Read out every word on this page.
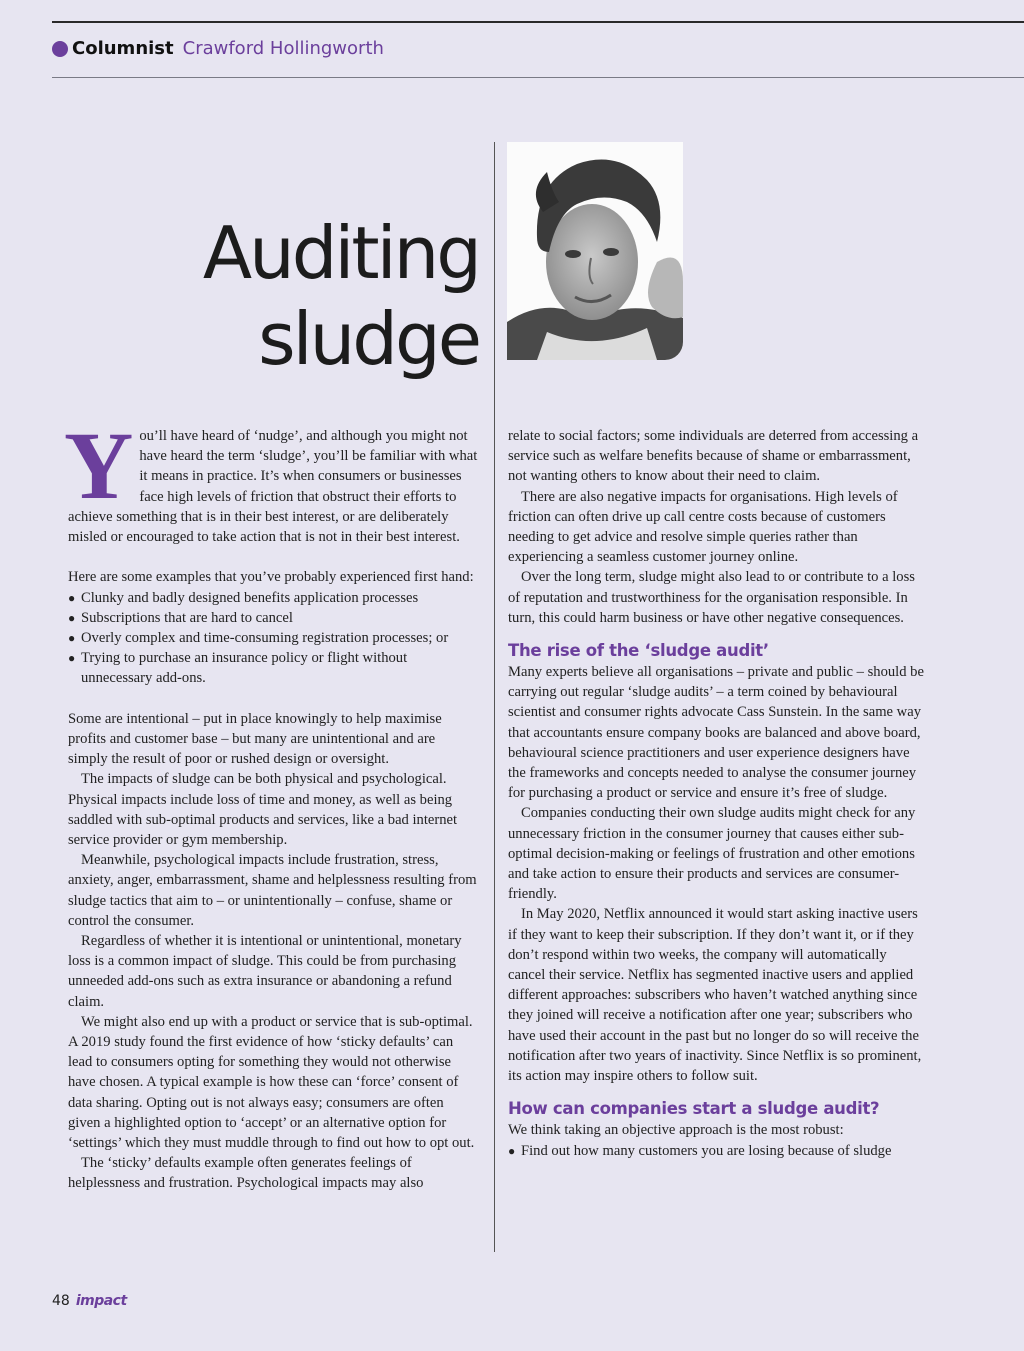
Columnist Crawford Hollingworth
Auditing
sludge

You’ll have heard of ‘nudge’, and although you might not have heard the term ‘sludge’, you’ll be familiar with what it means in practice. It’s when consumers or businesses face high levels of friction that obstruct their efforts to achieve something that is in their best interest, or are deliberately misled or encouraged to take action that is not in their best interest.

Here are some examples that you’ve probably experienced first hand:

● Clunky and badly designed benefits application processes
● Subscriptions that are hard to cancel
● Overly complex and time-consuming registration processes; or
● Trying to purchase an insurance policy or flight without unnecessary add-ons.

Some are intentional – put in place knowingly to help maximise profits and customer base – but many are unintentional and are simply the result of poor or rushed design or oversight.

The impacts of sludge can be both physical and psychological. Physical impacts include loss of time and money, as well as being saddled with sub-optimal products and services, like a bad internet service provider or gym membership.

Meanwhile, psychological impacts include frustration, stress, anxiety, anger, embarrassment, shame and helplessness resulting from sludge tactics that aim to – or unintentionally – confuse, shame or control the consumer.

Regardless of whether it is intentional or unintentional, monetary loss is a common impact of sludge. This could be from purchasing unneeded add-ons such as extra insurance or abandoning a refund claim.

We might also end up with a product or service that is sub-optimal. A 2019 study found the first evidence of how ‘sticky defaults’ can lead to consumers opting for something they would not otherwise have chosen. A typical example is how these can ‘force’ consent of data sharing. Opting out is not always easy; consumers are often given a highlighted option to ‘accept’ or an alternative option for ‘settings’ which they must muddle through to find out how to opt out.

The ‘sticky’ defaults example often generates feelings of helplessness and frustration. Psychological impacts may also

relate to social factors; some individuals are deterred from accessing a service such as welfare benefits because of shame or embarrassment, not wanting others to know about their need to claim.

There are also negative impacts for organisations. High levels of friction can often drive up call centre costs because of customers needing to get advice and resolve simple queries rather than experiencing a seamless customer journey online.

Over the long term, sludge might also lead to or contribute to a loss of reputation and trustworthiness for the organisation responsible. In turn, this could harm business or have other negative consequences.

The rise of the ‘sludge audit’

Many experts believe all organisations – private and public – should be carrying out regular ‘sludge audits’ – a term coined by behavioural scientist and consumer rights advocate Cass Sunstein. In the same way that accountants ensure company books are balanced and above board, behavioural science practitioners and user experience designers have the frameworks and concepts needed to analyse the consumer journey for purchasing a product or service and ensure it’s free of sludge.

Companies conducting their own sludge audits might check for any unnecessary friction in the consumer journey that causes either sub-optimal decision-making or feelings of frustration and other emotions and take action to ensure their products and services are consumer-friendly.

In May 2020, Netflix announced it would start asking inactive users if they want to keep their subscription. If they don’t want it, or if they don’t respond within two weeks, the company will automatically cancel their service. Netflix has segmented inactive users and applied different approaches: subscribers who haven’t watched anything since they joined will receive a notification after one year; subscribers who have used their account in the past but no longer do so will receive the notification after two years of inactivity. Since Netflix is so prominent, its action may inspire others to follow suit.

How can companies start a sludge audit?

We think taking an objective approach is the most robust:

● Find out how many customers you are losing because of sludge
48 impact
